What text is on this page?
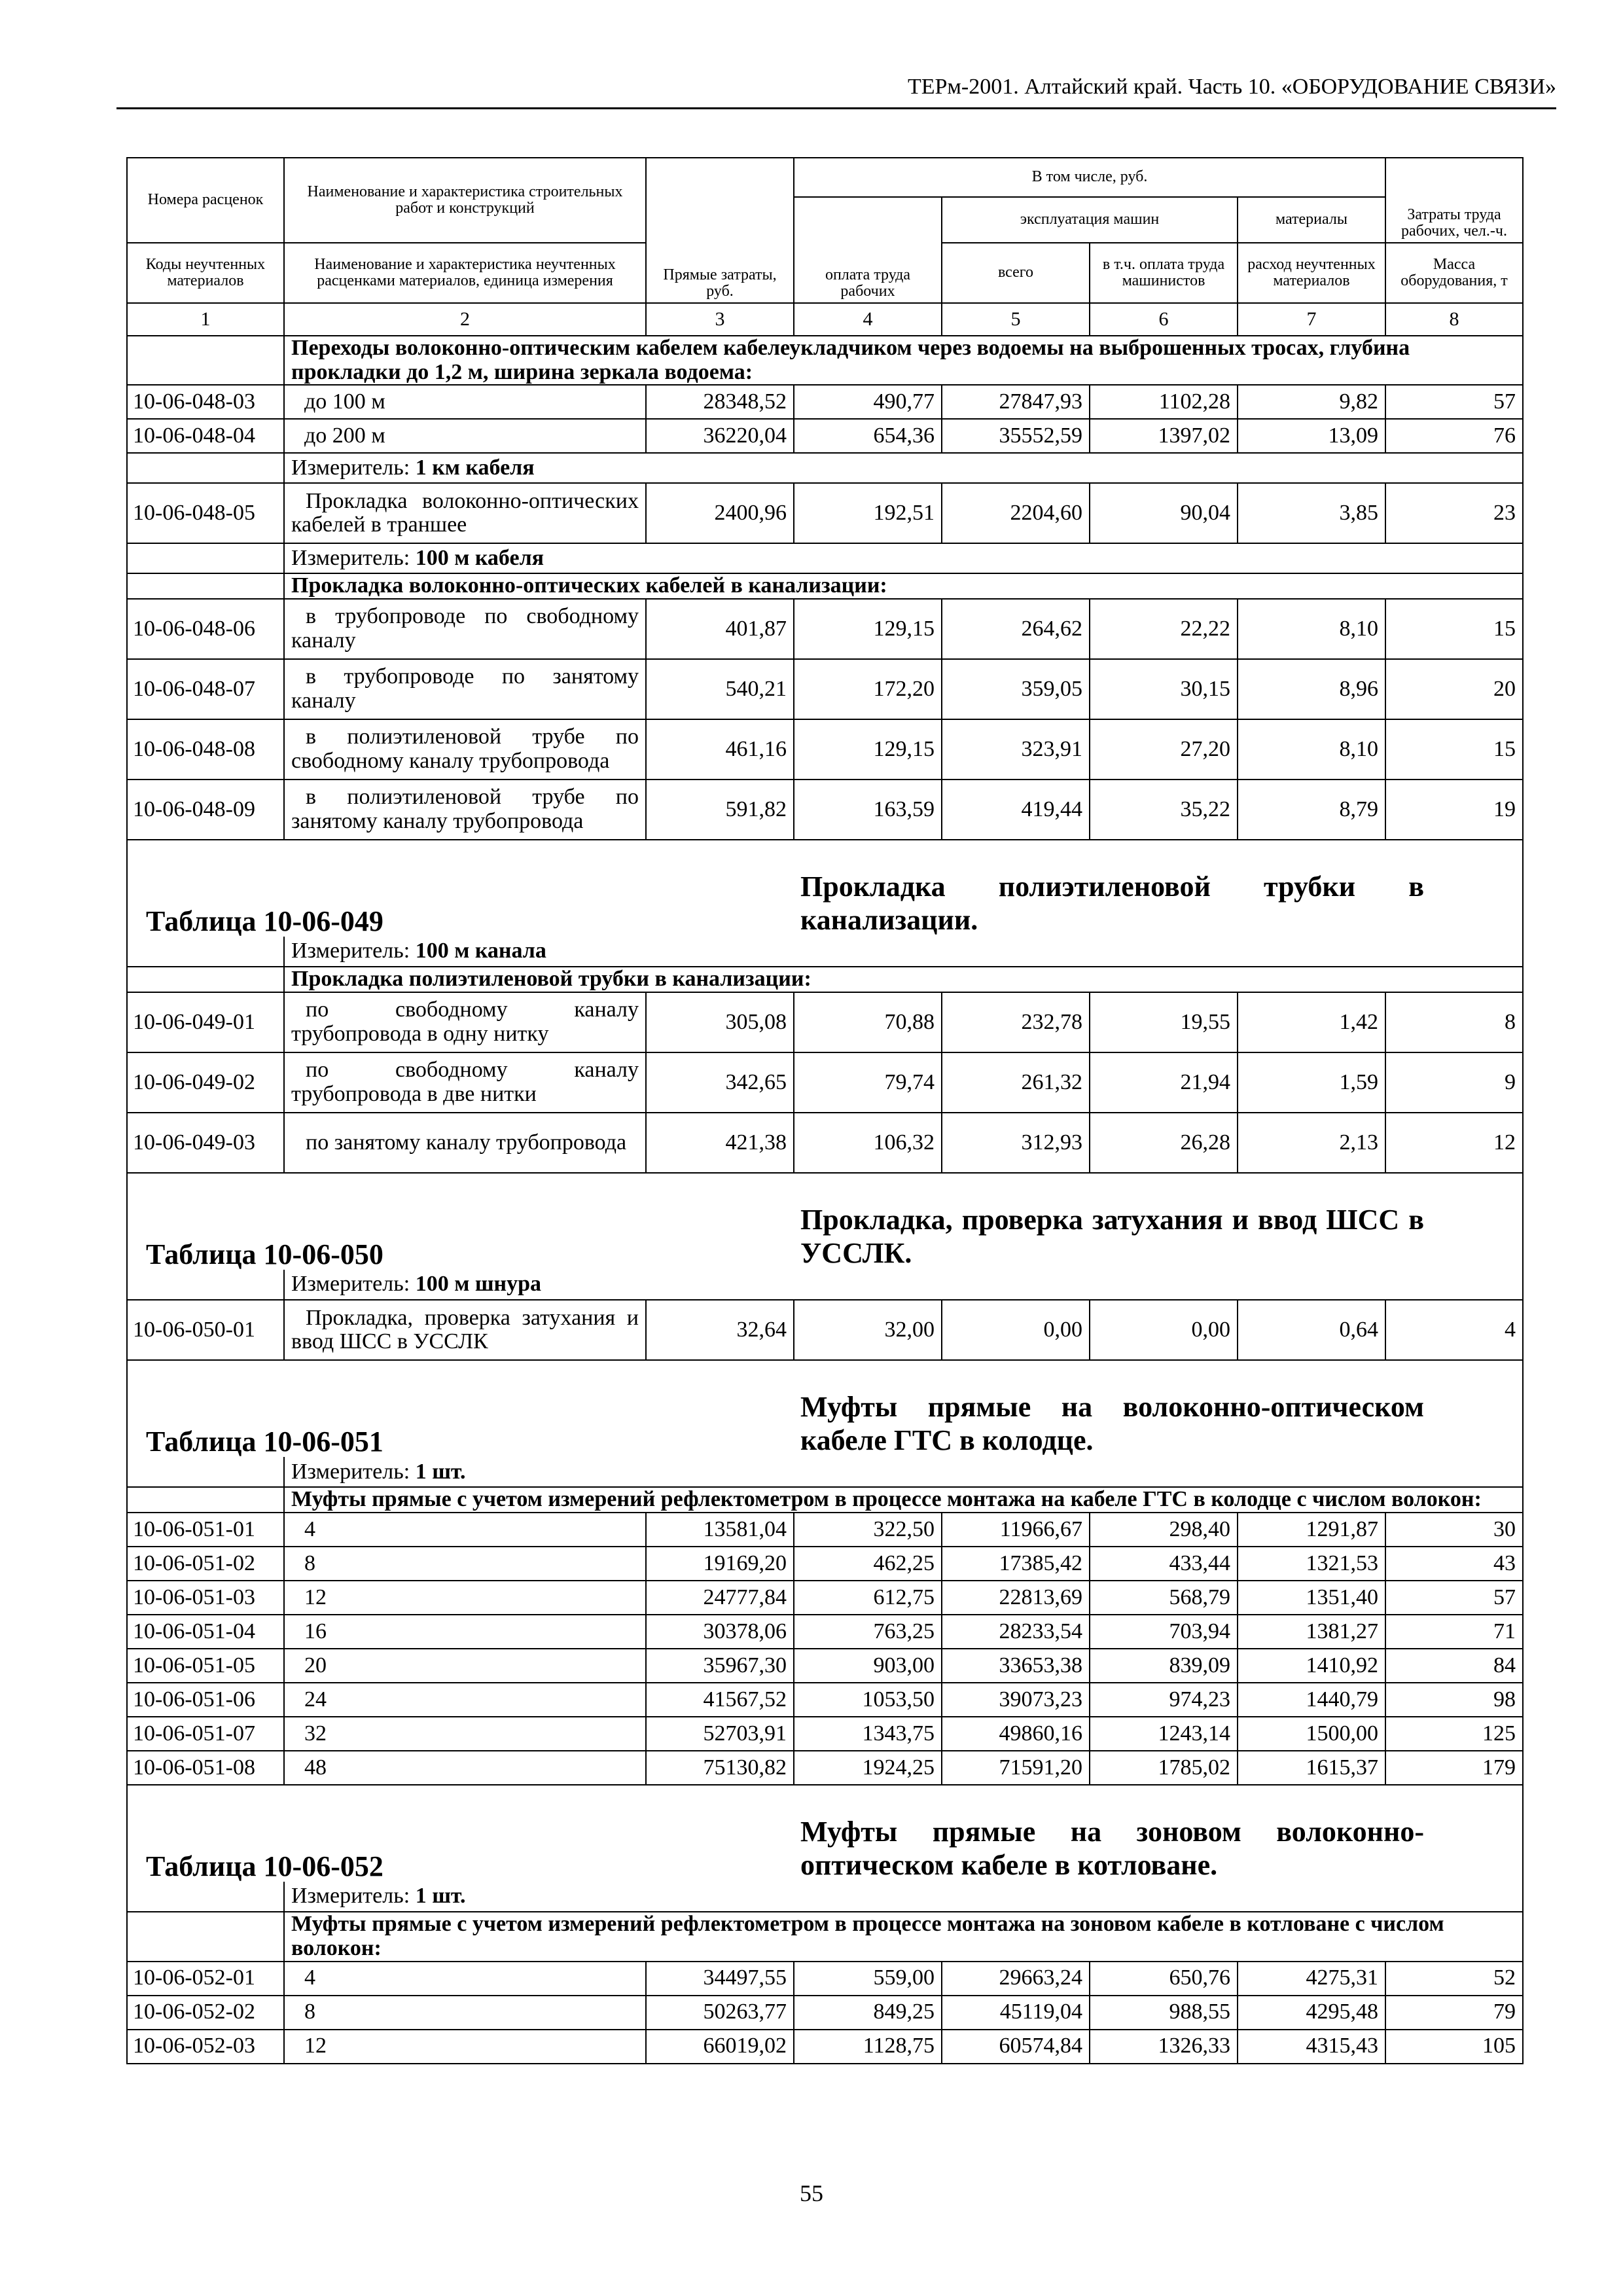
ТЕРм-2001. Алтайский край. Часть 10. «ОБОРУДОВАНИЕ СВЯЗИ»
Номера расценок	Наименование и характеристика строительных работ и конструкций	Прямые затраты, руб.	В том числе, руб.				Затраты труда рабочих, чел.-ч.
			оплата труда рабочих	эксплуатация машин		материалы	
Коды неучтенных материалов	Наименование и характеристика неучтенных расценками материалов, единица измерения			всего	в т.ч. оплата труда машинистов	расход неучтенных материалов	Масса оборудования, т
1	2	3	4	5	6	7	8
	Переходы волоконно-оптическим кабелем кабелеукладчиком через водоемы на выброшенных тросах, глубина прокладки до 1,2 м, ширина зеркала водоема:						
10-06-048-03	до 100 м	28348,52	490,77	27847,93	1102,28	9,82	57
10-06-048-04	до 200 м	36220,04	654,36	35552,59	1397,02	13,09	76
	Измеритель: 1 км кабеля						
10-06-048-05	Прокладка волоконно-оптических кабелей в траншее	2400,96	192,51	2204,60	90,04	3,85	23
	Измеритель: 100 м кабеля						
	Прокладка волоконно-оптических кабелей в канализации:						
10-06-048-06	в трубопроводе по свободному каналу	401,87	129,15	264,62	22,22	8,10	15
10-06-048-07	в трубопроводе по занятому каналу	540,21	172,20	359,05	30,15	8,96	20
10-06-048-08	в полиэтиленовой трубе по свободному каналу трубопровода	461,16	129,15	323,91	27,20	8,10	15
10-06-048-09	в полиэтиленовой трубе по занятому каналу трубопровода	591,82	163,59	419,44	35,22	8,79	19
Таблица 10-06-049			Прокладка полиэтиленовой трубки в канализации.				
	Измеритель: 100 м канала						
	Прокладка полиэтиленовой трубки в канализации:						
10-06-049-01	по свободному каналу трубопровода в одну нитку	305,08	70,88	232,78	19,55	1,42	8
10-06-049-02	по свободному каналу трубопровода в две нитки	342,65	79,74	261,32	21,94	1,59	9
10-06-049-03	по занятому каналу трубопровода	421,38	106,32	312,93	26,28	2,13	12
Таблица 10-06-050			Прокладка, проверка затухания и ввод ШСС в УССЛК.				
	Измеритель: 100 м шнура						
10-06-050-01	Прокладка, проверка затухания и ввод ШСС в УССЛК	32,64	32,00	0,00	0,00	0,64	4
Таблица 10-06-051			Муфты прямые на волоконно-оптическом кабеле ГТС в колодце.				
	Измеритель: 1 шт.						
	Муфты прямые с учетом измерений рефлектометром в процессе монтажа на кабеле ГТС в колодце с числом волокон:						
10-06-051-01	4	13581,04	322,50	11966,67	298,40	1291,87	30
10-06-051-02	8	19169,20	462,25	17385,42	433,44	1321,53	43
10-06-051-03	12	24777,84	612,75	22813,69	568,79	1351,40	57
10-06-051-04	16	30378,06	763,25	28233,54	703,94	1381,27	71
10-06-051-05	20	35967,30	903,00	33653,38	839,09	1410,92	84
10-06-051-06	24	41567,52	1053,50	39073,23	974,23	1440,79	98
10-06-051-07	32	52703,91	1343,75	49860,16	1243,14	1500,00	125
10-06-051-08	48	75130,82	1924,25	71591,20	1785,02	1615,37	179
Таблица 10-06-052			Муфты прямые на зоновом волоконно-оптическом кабеле в котловане.				
	Измеритель: 1 шт.						
	Муфты прямые с учетом измерений рефлектометром в процессе монтажа на зоновом кабеле в котловане с числом волокон:						
10-06-052-01	4	34497,55	559,00	29663,24	650,76	4275,31	52
10-06-052-02	8	50263,77	849,25	45119,04	988,55	4295,48	79
10-06-052-03	12	66019,02	1128,75	60574,84	1326,33	4315,43	105
55
